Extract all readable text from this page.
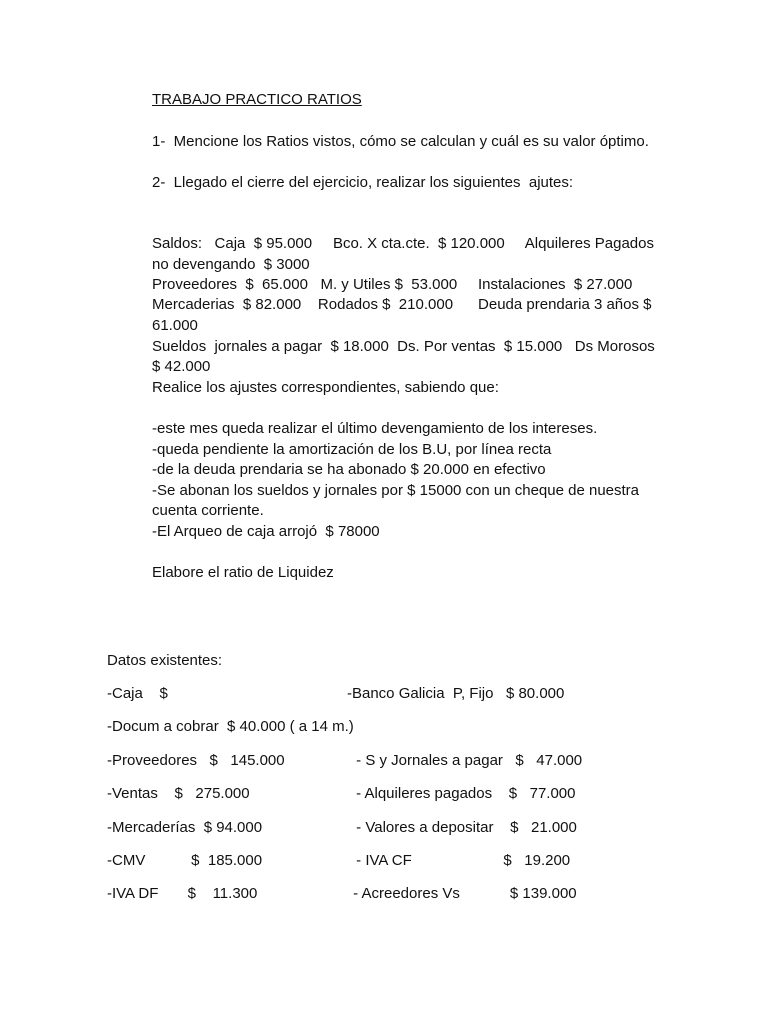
TRABAJO PRACTICO RATIOS
1-  Mencione los Ratios vistos, cómo se calculan y cuál es su valor óptimo.
2-  Llegado el cierre del ejercicio, realizar los siguientes  ajutes:
Saldos:   Caja  $ 95.000     Bco. X cta.cte.  $ 120.000     Alquileres Pagados
no devengando  $ 3000
Proveedores  $  65.000   M. y Utiles $  53.000     Instalaciones  $ 27.000
Mercaderias  $ 82.000    Rodados $  210.000      Deuda prendaria 3 años $
61.000
Sueldos  jornales a pagar  $ 18.000  Ds. Por ventas  $ 15.000   Ds Morosos
$ 42.000
Realice los ajustes correspondientes, sabiendo que:
-este mes queda realizar el último devengamiento de los intereses.
-queda pendiente la amortización de los B.U, por línea recta
-de la deuda prendaria se ha abonado $ 20.000 en efectivo
-Se abonan los sueldos y jornales por $ 15000 con un cheque de nuestra
cuenta corriente.
-El Arqueo de caja arrojó  $ 78000
Elabore el ratio de Liquidez
Datos existentes:
-Caja    $	-Banco Galicia  P, Fijo   $ 80.000
-Docum a cobrar  $ 40.000 ( a 14 m.)
-Proveedores   $   145.000	- S y Jornales a pagar   $   47.000
-Ventas    $   275.000	- Alquileres pagados    $   77.000
-Mercaderías  $ 94.000	- Valores a depositar    $   21.000
-CMV           $  185.000	- IVA CF                      $   19.200
-IVA DF       $    11.300	- Acreedores Vs            $ 139.000
